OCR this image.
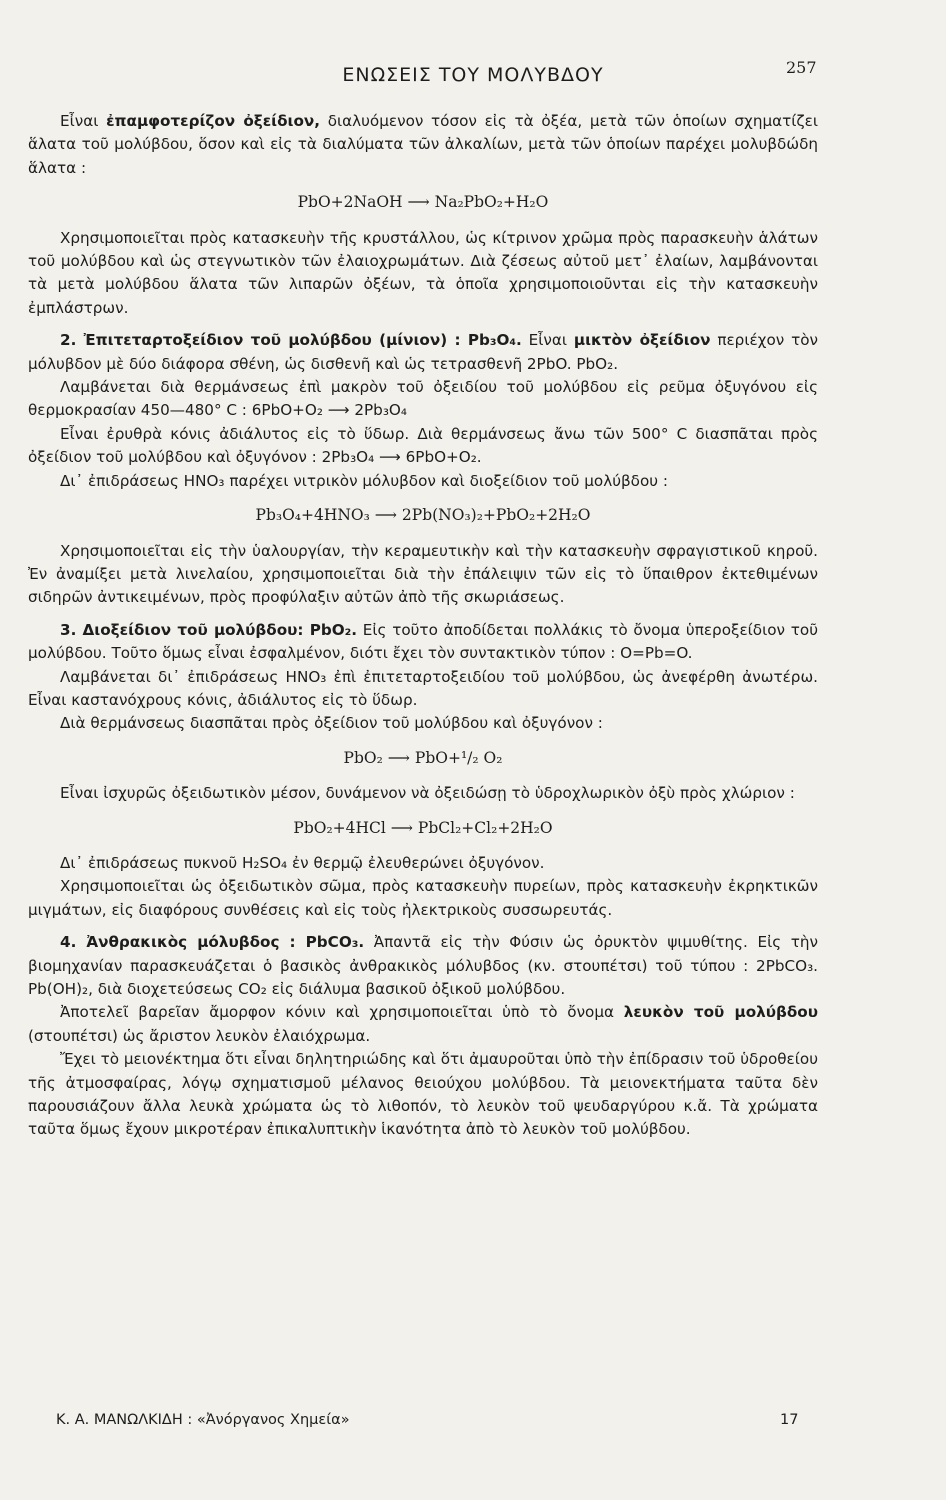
ΕΝΩΣΕΙΣ ΤΟΥ ΜΟΛΥΒΔΟΥ	257

Εἶναι ἐπαμφοτερίζον ὀξείδιον, διαλυόμενον τόσον εἰς τὰ ὀξέα, μετὰ τῶν ὁποίων σχηματίζει ἅλατα τοῦ μολύβδου, ὅσον καὶ εἰς τὰ διαλύματα τῶν ἀλκαλίων, μετὰ τῶν ὁποίων παρέχει μολυβδώδη ἅλατα :

PbO+2NaOH ⟶ Na₂PbO₂+H₂O

Χρησιμοποιεῖται πρὸς κατασκευὴν τῆς κρυστάλλου, ὡς κίτρινον χρῶμα πρὸς παρασκευὴν ἁλάτων τοῦ μολύβδου καὶ ὡς στεγνωτικὸν τῶν ἐλαιοχρωμάτων. Διὰ ζέσεως αὐτοῦ μετ᾽ ἐλαίων, λαμβάνονται τὰ μετὰ μολύβδου ἅλατα τῶν λιπαρῶν ὀξέων, τὰ ὁποῖα χρησιμοποιοῦνται εἰς τὴν κατασκευὴν ἐμπλάστρων.

2. Ἐπιτεταρτοξείδιον τοῦ μολύβδου (μίνιον) : Pb₃O₄. Εἶναι μικτὸν ὀξείδιον περιέχον τὸν μόλυβδον μὲ δύο διάφορα σθένη, ὡς δισθενῆ καὶ ὡς τετρασθενῆ 2PbO. PbO₂.

Λαμβάνεται διὰ θερμάνσεως ἐπὶ μακρὸν τοῦ ὀξειδίου τοῦ μολύβδου εἰς ρεῦμα ὀξυγόνου εἰς θερμοκρασίαν 450—480° C : 6PbO+O₂ ⟶ 2Pb₃O₄

Εἶναι ἐρυθρὰ κόνις ἀδιάλυτος εἰς τὸ ὕδωρ. Διὰ θερμάνσεως ἄνω τῶν 500° C διασπᾶται πρὸς ὀξείδιον τοῦ μολύβδου καὶ ὀξυγόνον : 2Pb₃O₄ ⟶ 6PbO+O₂.

Δι᾽ ἐπιδράσεως HNO₃ παρέχει νιτρικὸν μόλυβδον καὶ διοξείδιον τοῦ μολύβδου :

Pb₃O₄+4HNO₃ ⟶ 2Pb(NO₃)₂+PbO₂+2H₂O

Χρησιμοποιεῖται εἰς τὴν ὑαλουργίαν, τὴν κεραμευτικὴν καὶ τὴν κατασκευὴν σφραγιστικοῦ κηροῦ. Ἐν ἀναμίξει μετὰ λινελαίου, χρησιμοποιεῖται διὰ τὴν ἐπάλειψιν τῶν εἰς τὸ ὕπαιθρον ἐκτεθιμένων σιδηρῶν ἀντικειμένων, πρὸς προφύλαξιν αὐτῶν ἀπὸ τῆς σκωριάσεως.

3. Διοξείδιον τοῦ μολύβδου: PbO₂. Εἰς τοῦτο ἀποδίδεται πολλάκις τὸ ὄνομα ὑπεροξείδιον τοῦ μολύβδου. Τοῦτο ὅμως εἶναι ἐσφαλμένον, διότι ἔχει τὸν συντακτικὸν τύπον : O=Pb=O.

Λαμβάνεται δι᾽ ἐπιδράσεως HNO₃ ἐπὶ ἐπιτεταρτοξειδίου τοῦ μολύβδου, ὡς ἀνεφέρθη ἀνωτέρω. Εἶναι καστανόχρους κόνις, ἀδιάλυτος εἰς τὸ ὕδωρ.

Διὰ θερμάνσεως διασπᾶται πρὸς ὀξείδιον τοῦ μολύβδου καὶ ὀξυγόνον :

PbO₂ ⟶ PbO+¹/₂ O₂

Εἶναι ἰσχυρῶς ὀξειδωτικὸν μέσον, δυνάμενον νὰ ὀξειδώσῃ τὸ ὑδροχλωρικὸν ὀξὺ πρὸς χλώριον :

PbO₂+4HCl ⟶ PbCl₂+Cl₂+2H₂O

Δι᾽ ἐπιδράσεως πυκνοῦ H₂SO₄ ἐν θερμῷ ἐλευθερώνει ὀξυγόνον.

Χρησιμοποιεῖται ὡς ὀξειδωτικὸν σῶμα, πρὸς κατασκευὴν πυρείων, πρὸς κατασκευὴν ἐκρηκτικῶν μιγμάτων, εἰς διαφόρους συνθέσεις καὶ εἰς τοὺς ἠλεκτρικοὺς συσσωρευτάς.

4. Ἀνθρακικὸς μόλυβδος : PbCO₃. Ἀπαντᾶ εἰς τὴν Φύσιν ὡς ὀρυκτὸν ψιμυθίτης. Εἰς τὴν βιομηχανίαν παρασκευάζεται ὁ βασικὸς ἀνθρακικὸς μόλυβδος (κν. στουπέτσι) τοῦ τύπου : 2PbCO₃. Pb(OH)₂, διὰ διοχετεύσεως CO₂ εἰς διάλυμα βασικοῦ ὀξικοῦ μολύβδου.

Ἀποτελεῖ βαρεῖαν ἄμορφον κόνιν καὶ χρησιμοποιεῖται ὑπὸ τὸ ὄνομα λευκὸν τοῦ μολύβδου (στουπέτσι) ὡς ἄριστον λευκὸν ἐλαιόχρωμα.

Ἔχει τὸ μειονέκτημα ὅτι εἶναι δηλητηριώδης καὶ ὅτι ἀμαυροῦται ὑπὸ τὴν ἐπίδρασιν τοῦ ὑδροθείου τῆς ἀτμοσφαίρας, λόγῳ σχηματισμοῦ μέλανος θειούχου μολύβδου. Τὰ μειονεκτήματα ταῦτα δὲν παρουσιάζουν ἄλλα λευκὰ χρώματα ὡς τὸ λιθοπόν, τὸ λευκὸν τοῦ ψευδαργύρου κ.ἄ. Τὰ χρώματα ταῦτα ὅμως ἔχουν μικροτέραν ἐπικαλυπτικὴν ἱκανότητα ἀπὸ τὸ λευκὸν τοῦ μολύβδου.

Κ. Α. ΜΑΝΩΛΚΙΔΗ : «Ἀνόργανος Χημεία»	17
